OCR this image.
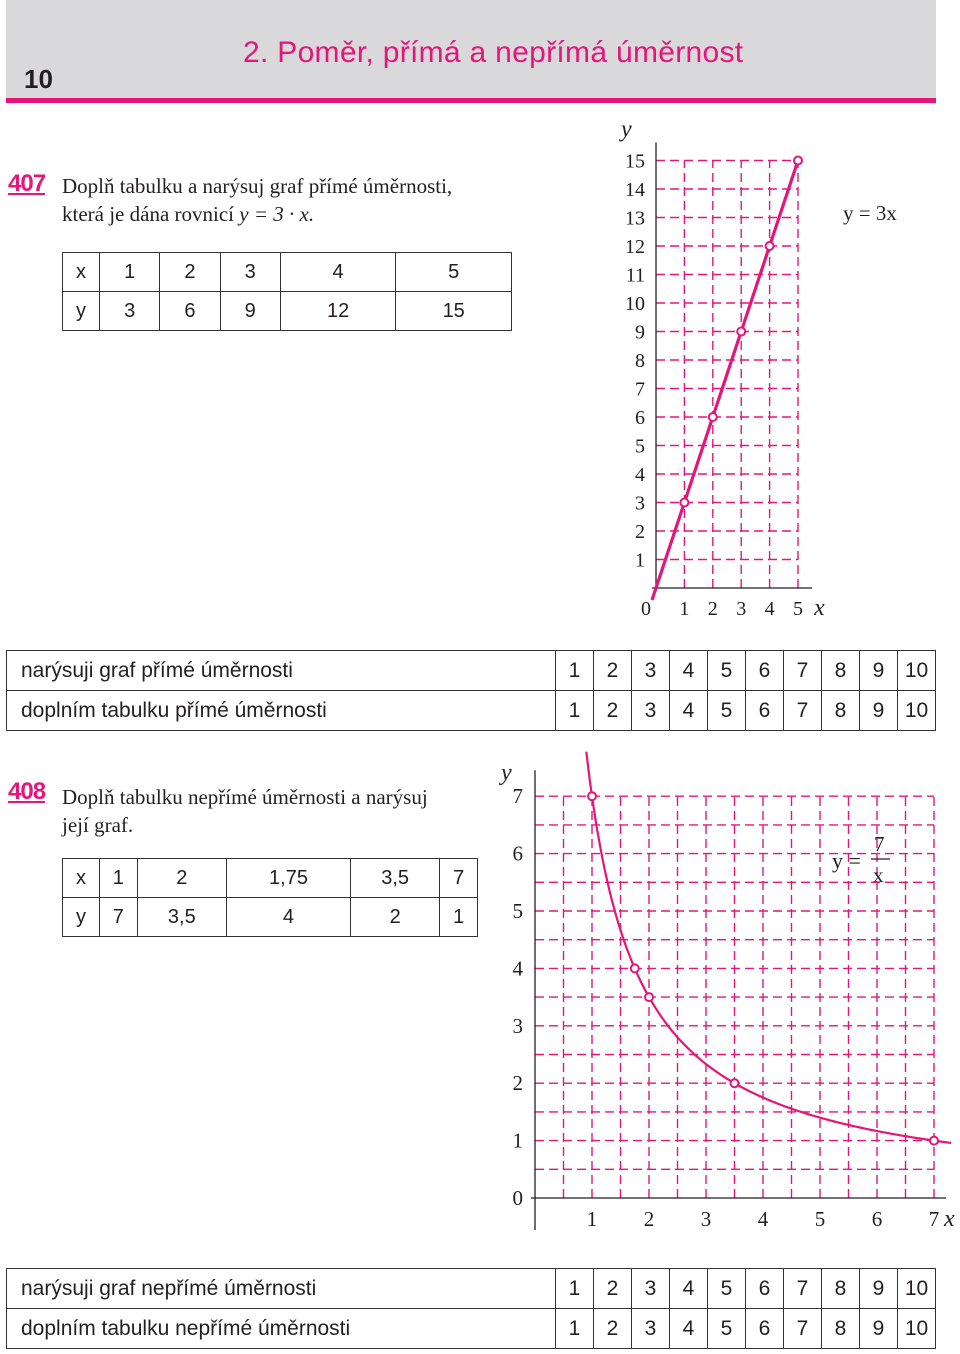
10
2. Poměr, přímá a nepřímá úměrnost
407 Doplň tabulku a narýsuj graf přímé úměrnosti,
která je dána rovnicí y = 3 · x.
x	1	2	3	4	5
y	3	6	9	12	15
1
2
3
4
5
6
7
8
9
10
11
12
13
14
15
0 1 2 3 4 5
y
x
y = 3x
narýsuji graf přímé úměrnosti	1	2	3	4	5	6	7	8	9	10
doplním tabulku přímé úměrnosti	1	2	3	4	5	6	7	8	9	10
408 Doplň tabulku nepřímé úměrnosti a narýsuj
její graf.
x	1	2	1,75	3,5	7
y	7	3,5	4	2	1
0
1
2
3
4
5
6
7
1 2 3 4 5 6 7
y
x
y =
7
x
narýsuji graf nepřímé úměrnosti	1	2	3	4	5	6	7	8	9	10
doplním tabulku nepřímé úměrnosti	1	2	3	4	5	6	7	8	9	10
